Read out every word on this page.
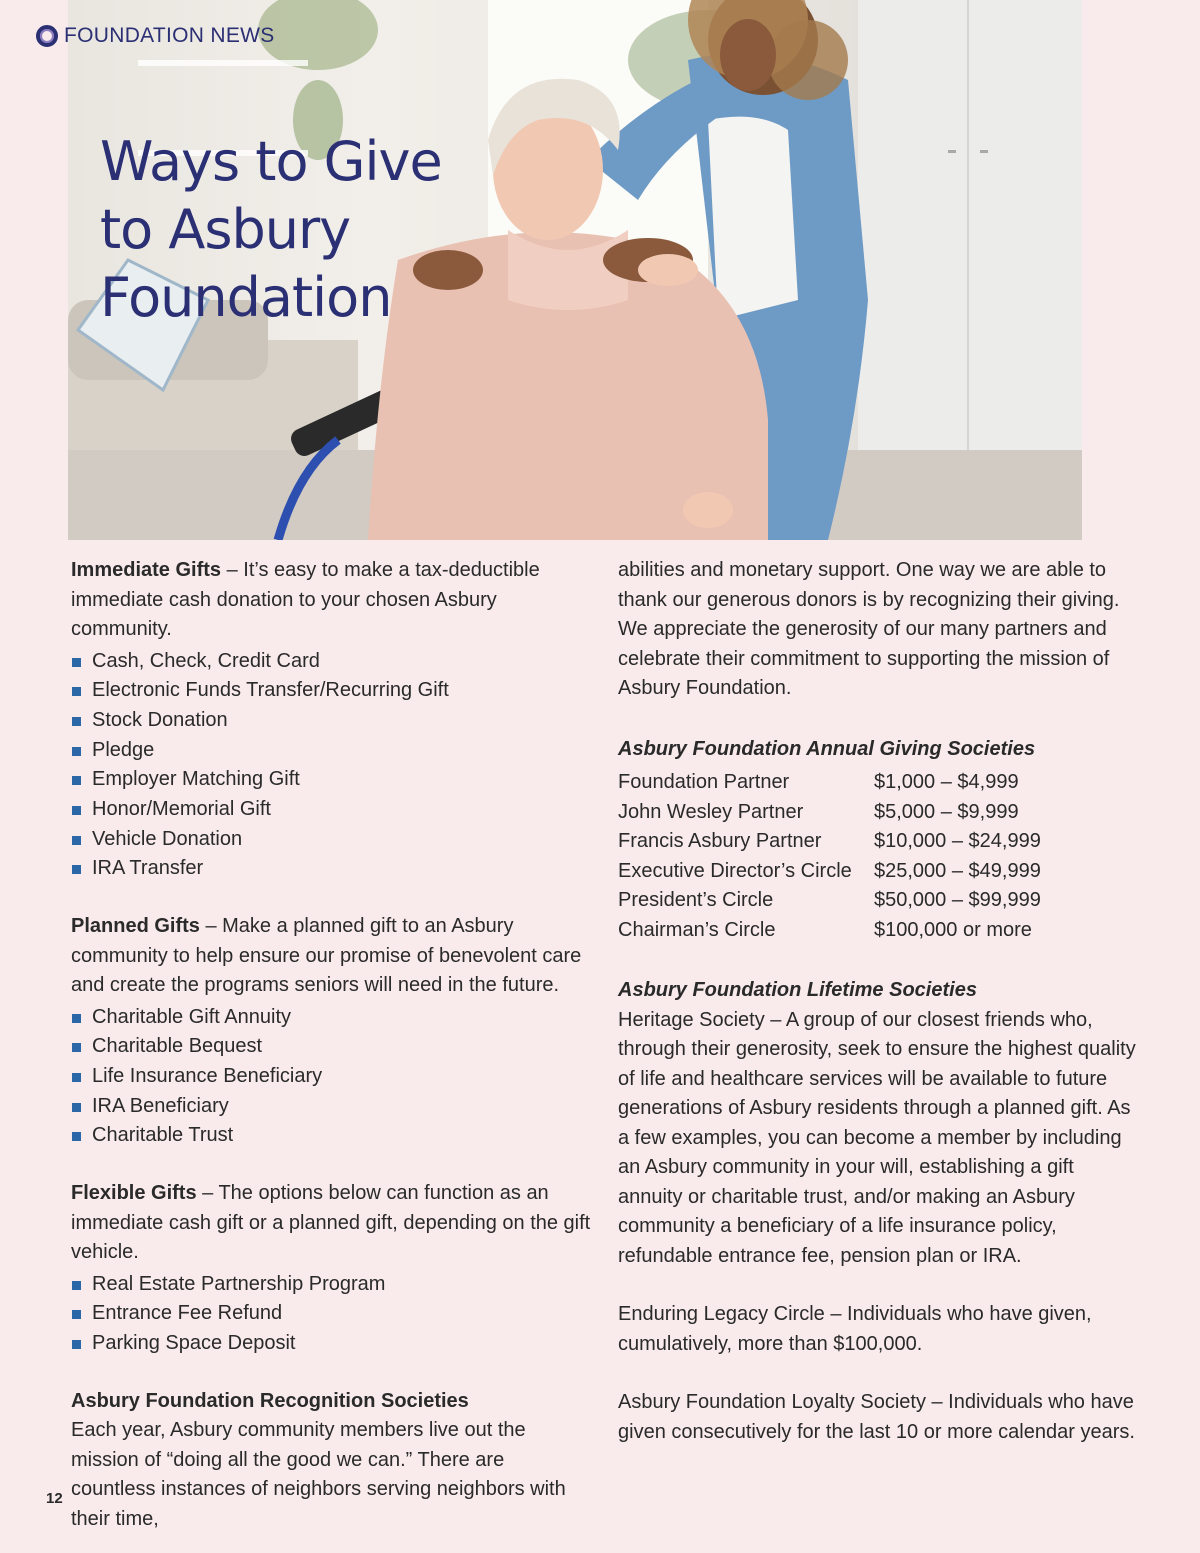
FOUNDATION NEWS
Ways to Give to Asbury Foundation

Immediate Gifts – It’s easy to make a tax-deductible immediate cash donation to your chosen Asbury community.

Cash, Check, Credit Card
Electronic Funds Transfer/Recurring Gift
Stock Donation
Pledge
Employer Matching Gift
Honor/Memorial Gift
Vehicle Donation
IRA Transfer

Planned Gifts – Make a planned gift to an Asbury community to help ensure our promise of benevolent care and create the programs seniors will need in the future.

Charitable Gift Annuity
Charitable Bequest
Life Insurance Beneficiary
IRA Beneficiary
Charitable Trust

Flexible Gifts – The options below can function as an immediate cash gift or a planned gift, depending on the gift vehicle.

Real Estate Partnership Program
Entrance Fee Refund
Parking Space Deposit

Asbury Foundation Recognition Societies

Each year, Asbury community members live out the mission of “doing all the good we can.” There are countless instances of neighbors serving neighbors with their time,

abilities and monetary support. One way we are able to thank our generous donors is by recognizing their giving. We appreciate the generosity of our many partners and celebrate their commitment to supporting the mission of Asbury Foundation.

Asbury Foundation Annual Giving Societies

Foundation Partner	$1,000 – $4,999
John Wesley Partner	$5,000 – $9,999
Francis Asbury Partner	$10,000 – $24,999
Executive Director’s Circle	$25,000 – $49,999
President’s Circle	$50,000 – $99,999
Chairman’s Circle	$100,000 or more

Asbury Foundation Lifetime Societies

Heritage Society – A group of our closest friends who, through their generosity, seek to ensure the highest quality of life and healthcare services will be available to future generations of Asbury residents through a planned gift. As a few examples, you can become a member by including an Asbury community in your will, establishing a gift annuity or charitable trust, and/or making an Asbury community a beneficiary of a life insurance policy, refundable entrance fee, pension plan or IRA.

Enduring Legacy Circle – Individuals who have given, cumulatively, more than $100,000.

Asbury Foundation Loyalty Society – Individuals who have given consecutively for the last 10 or more calendar years.

12
